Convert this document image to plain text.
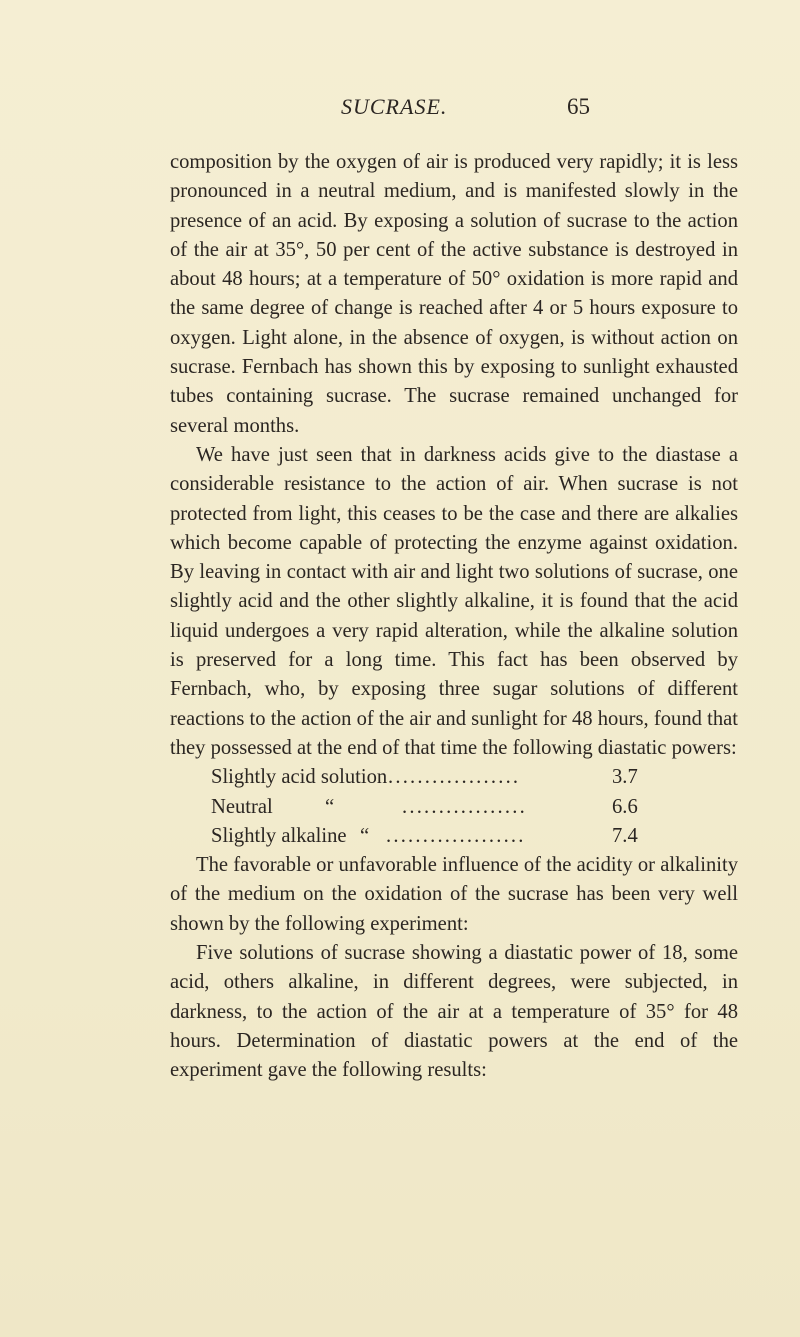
SUCRASE.	65

composition by the oxygen of air is produced very rapidly; it is less pronounced in a neutral medium, and is manifested slowly in the presence of an acid. By exposing a solution of sucrase to the action of the air at 35°, 50 per cent of the active substance is destroyed in about 48 hours; at a temperature of 50° oxidation is more rapid and the same degree of change is reached after 4 or 5 hours exposure to oxygen. Light alone, in the absence of oxygen, is without action on sucrase. Fernbach has shown this by exposing to sunlight exhausted tubes containing sucrase. The sucrase remained unchanged for several months.

We have just seen that in darkness acids give to the diastase a considerable resistance to the action of air. When sucrase is not protected from light, this ceases to be the case and there are alkalies which become capable of protecting the enzyme against oxidation. By leaving in contact with air and light two solutions of sucrase, one slightly acid and the other slightly alkaline, it is found that the acid liquid undergoes a very rapid alteration, while the alkaline solution is preserved for a long time. This fact has been observed by Fernbach, who, by exposing three sugar solutions of different reactions to the action of the air and sunlight for 48 hours, found that they possessed at the end of that time the following diastatic powers:

Slightly acid solution ..................	3.7
Neutral	“	.................	6.6
Slightly alkaline “ ...................	7.4

The favorable or unfavorable influence of the acidity or alkalinity of the medium on the oxidation of the sucrase has been very well shown by the following experiment:

Five solutions of sucrase showing a diastatic power of 18, some acid, others alkaline, in different degrees, were subjected, in darkness, to the action of the air at a temperature of 35° for 48 hours. Determination of diastatic powers at the end of the experiment gave the following results:
